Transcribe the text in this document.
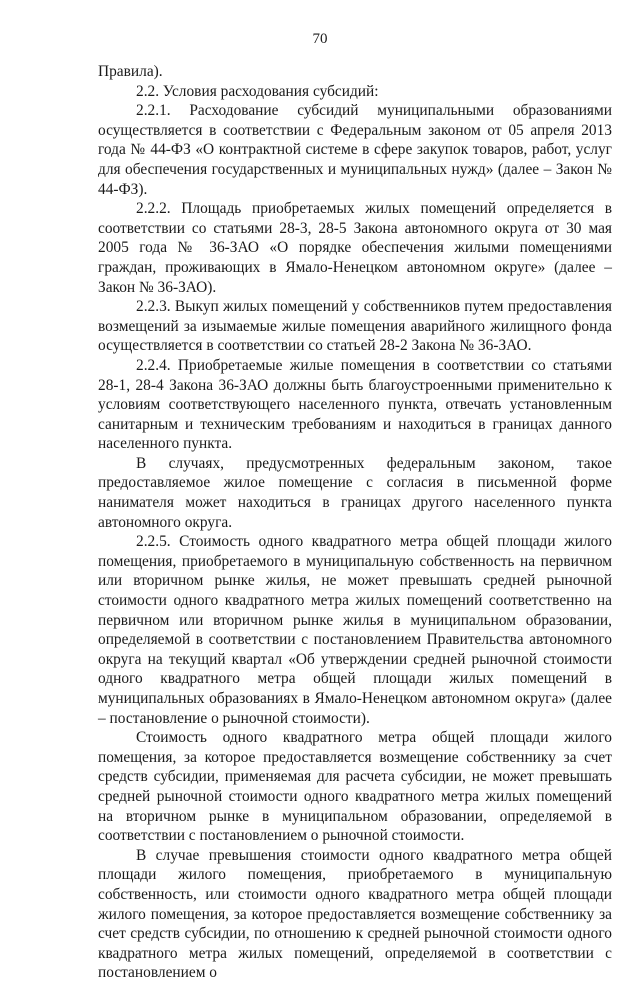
70

Правила).

2.2. Условия расходования субсидий:

2.2.1. Расходование субсидий муниципальными образованиями осуществляется в соответствии с Федеральным законом от 05 апреля 2013 года № 44-ФЗ «О контрактной системе в сфере закупок товаров, работ, услуг для обеспечения государственных и муниципальных нужд» (далее – Закон № 44-ФЗ).

2.2.2. Площадь приобретаемых жилых помещений определяется в соответствии со статьями 28-3, 28-5 Закона автономного округа от 30 мая 2005 года № 36-ЗАО «О порядке обеспечения жилыми помещениями граждан, проживающих в Ямало-Ненецком автономном округе» (далее – Закон № 36-ЗАО).

2.2.3. Выкуп жилых помещений у собственников путем предоставления возмещений за изымаемые жилые помещения аварийного жилищного фонда осуществляется в соответствии со статьей 28-2 Закона № 36-ЗАО.

2.2.4. Приобретаемые жилые помещения в соответствии со статьями 28-1, 28-4 Закона 36-ЗАО должны быть благоустроенными применительно к условиям соответствующего населенного пункта, отвечать установленным санитарным и техническим требованиям и находиться в границах данного населенного пункта.

В случаях, предусмотренных федеральным законом, такое предоставляемое жилое помещение с согласия в письменной форме нанимателя может находиться в границах другого населенного пункта автономного округа.

2.2.5. Стоимость одного квадратного метра общей площади жилого помещения, приобретаемого в муниципальную собственность на первичном или вторичном рынке жилья, не может превышать средней рыночной стоимости одного квадратного метра жилых помещений соответственно на первичном или вторичном рынке жилья в муниципальном образовании, определяемой в соответствии с постановлением Правительства автономного округа на текущий квартал «Об утверждении средней рыночной стоимости одного квадратного метра общей площади жилых помещений в муниципальных образованиях в Ямало-Ненецком автономном округа» (далее – постановление о рыночной стоимости).

Стоимость одного квадратного метра общей площади жилого помещения, за которое предоставляется возмещение собственнику за счет средств субсидии, применяемая для расчета субсидии, не может превышать средней рыночной стоимости одного квадратного метра жилых помещений на вторичном рынке в муниципальном образовании, определяемой в соответствии с постановлением о рыночной стоимости.

В случае превышения стоимости одного квадратного метра общей площади жилого помещения, приобретаемого в муниципальную собственность, или стоимости одного квадратного метра общей площади жилого помещения, за которое предоставляется возмещение собственнику за счет средств субсидии, по отношению к средней рыночной стоимости одного квадратного метра жилых помещений, определяемой в соответствии с постановлением о
